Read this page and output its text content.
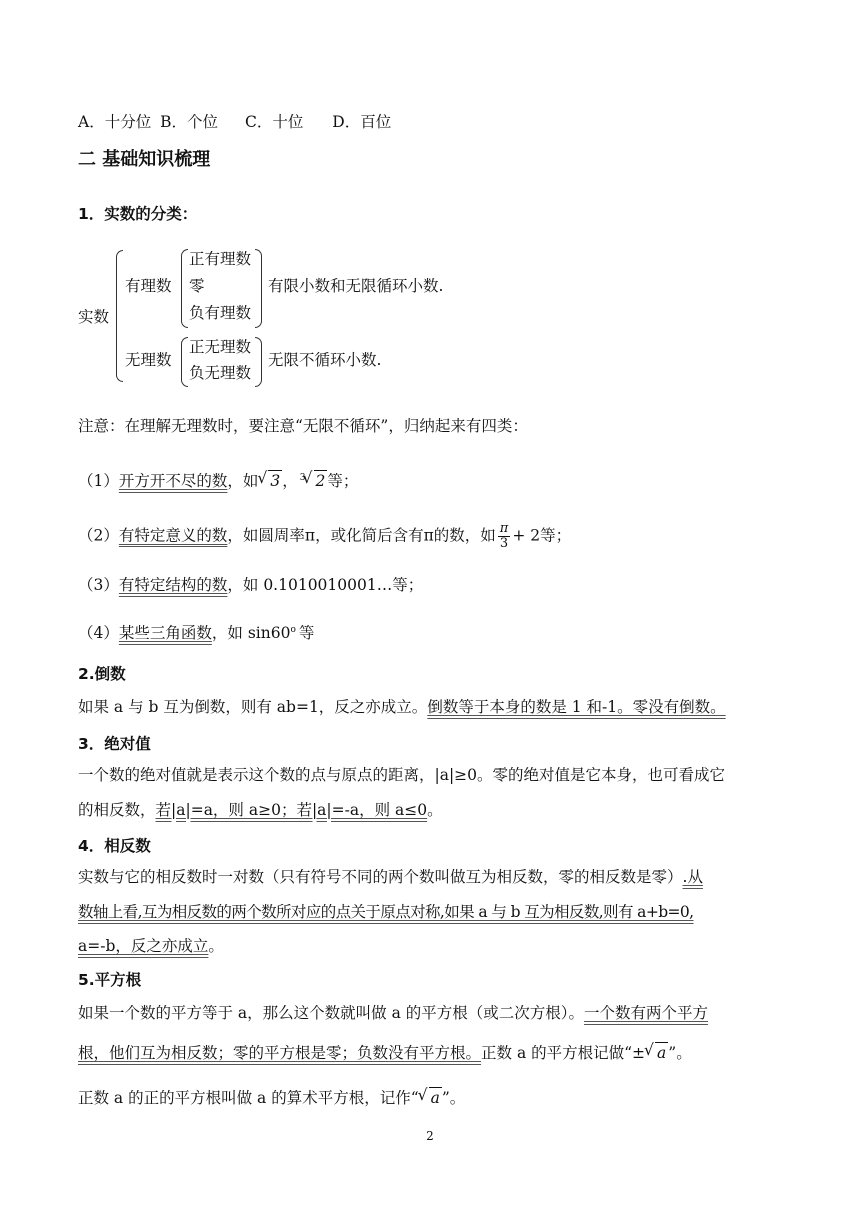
A．十分位 B．个位 C．十位 D．百位
二 基础知识梳理
1．实数的分类：
实数
有理数
正有理数
零
负有理数
有限小数和无限循环小数.
无理数
正无理数
负无理数
无限不循环小数.
注意：在理解无理数时，要注意“无限不循环”，归纳起来有四类：
（1）开方开不尽的数，如 √ 3 ， $^3$ √ 2 等；
（2）有特定意义的数，如圆周率π，或化简后含有π的数，如 $\frac{\pi}{3} + 2$等；
（3）有特定结构的数，如 0.1010010001…等；
（4）某些三角函数，如 sin60$^o$ 等
2.倒数
如果 a 与 b 互为倒数，则有 ab=1，反之亦成立。倒数等于本身的数是 1 和-1。零没有倒数。
3．绝对值
一个数的绝对值就是表示这个数的点与原点的距离，|a|≥0。零的绝对值是它本身，也可看成它
的相反数，若|a|=a，则 a≥0；若|a|=-a，则 a≤0。
4．相反数
实数与它的相反数时一对数（只有符号不同的两个数叫做互为相反数，零的相反数是零）.从
数轴上看,互为相反数的两个数所对应的点关于原点对称,如果 a 与 b 互为相反数,则有 a+b=0,
a=-b，反之亦成立。
5.平方根
如果一个数的平方等于 a，那么这个数就叫做 a 的平方根（或二次方根）。一个数有两个平方
根，他们互为相反数；零的平方根是零；负数没有平方根。正数 a 的平方根记做“± √ a ”。
正数 a 的正的平方根叫做 a 的算术平方根，记作“ √ a ”。
2
